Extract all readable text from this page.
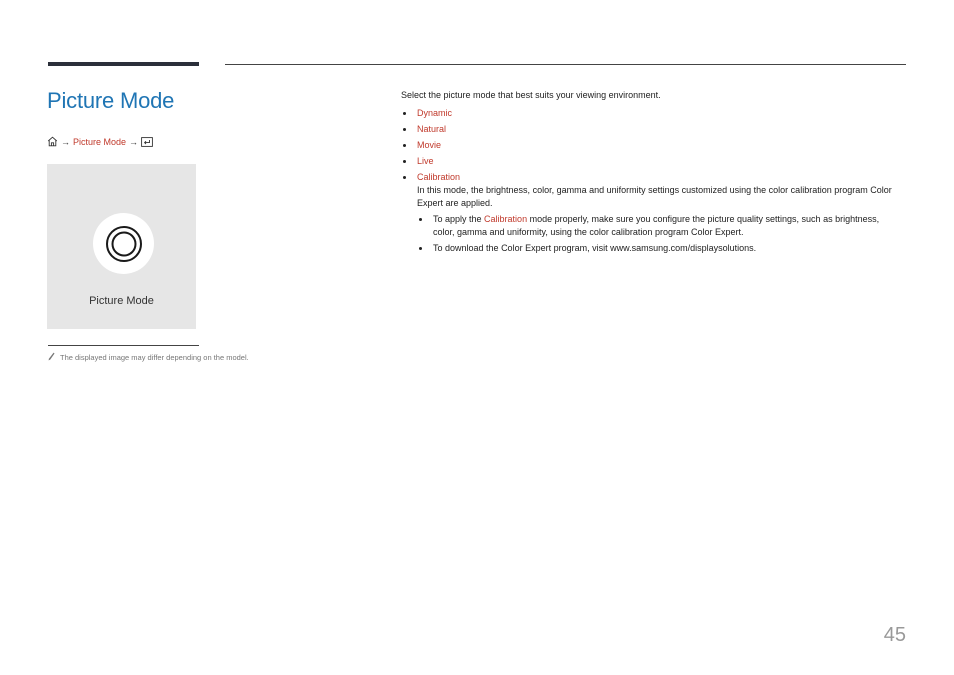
Picture Mode
→ Picture Mode →
Picture Mode
The displayed image may differ depending on the model.

Select the picture mode that best suits your viewing environment.

Dynamic
Natural
Movie
Live
Calibration
In this mode, the brightness, color, gamma and uniformity settings customized using the color calibration program Color Expert are applied.
To apply the Calibration mode properly, make sure you configure the picture quality settings, such as brightness, color, gamma and uniformity, using the color calibration program Color Expert.
To download the Color Expert program, visit www.samsung.com/displaysolutions.
45
